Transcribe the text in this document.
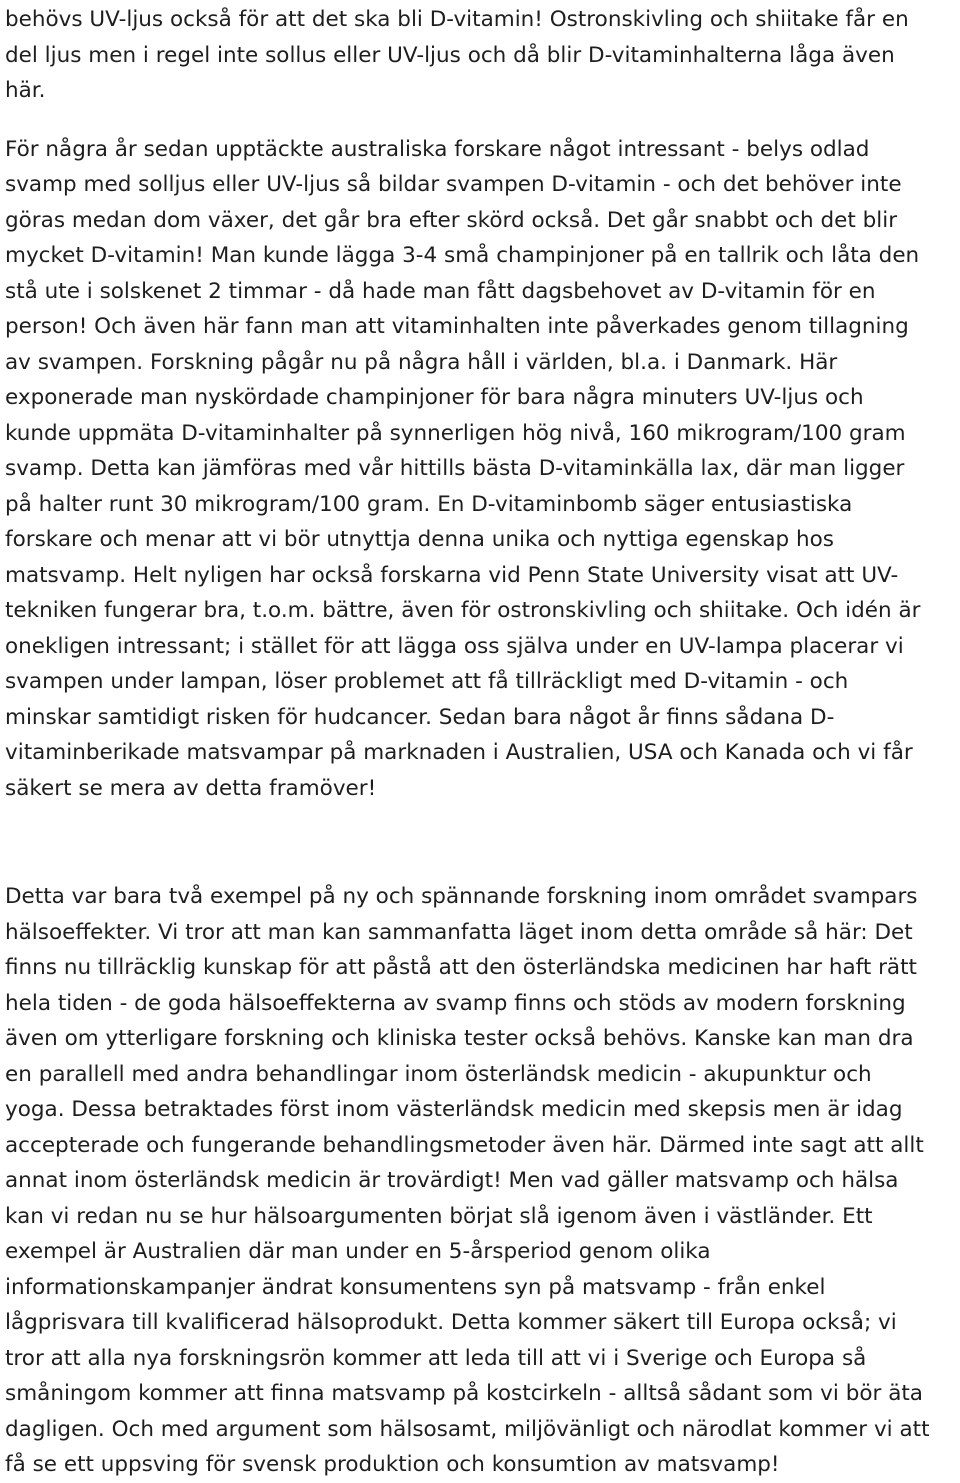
behövs UV-ljus också för att det ska bli D-vitamin! Ostronskivling och shiitake får en
del ljus men i regel inte sollus eller UV-ljus och då blir D-vitaminhalterna låga även
här.
För några år sedan upptäckte australiska forskare något intressant - belys odlad
svamp med solljus eller UV-ljus så bildar svampen D-vitamin - och det behöver inte
göras medan dom växer, det går bra efter skörd också. Det går snabbt och det blir
mycket D-vitamin! Man kunde lägga 3-4 små champinjoner på en tallrik och låta den
stå ute i solskenet 2 timmar - då hade man fått dagsbehovet av D-vitamin för en
person! Och även här fann man att vitaminhalten inte påverkades genom tillagning
av svampen. Forskning pågår nu på några håll i världen, bl.a. i Danmark. Här
exponerade man nyskördade champinjoner för bara några minuters UV-ljus och
kunde uppmäta D-vitaminhalter på synnerligen hög nivå, 160 mikrogram/100 gram
svamp. Detta kan jämföras med vår hittills bästa D-vitaminkälla lax, där man ligger
på halter runt 30 mikrogram/100 gram. En D-vitaminbomb säger entusiastiska
forskare och menar att vi bör utnyttja denna unika och nyttiga egenskap hos
matsvamp. Helt nyligen har också forskarna vid Penn State University visat att UV-
tekniken fungerar bra, t.o.m. bättre, även för ostronskivling och shiitake. Och idén är
onekligen intressant; i stället för att lägga oss själva under en UV-lampa placerar vi
svampen under lampan, löser problemet att få tillräckligt med D-vitamin - och
minskar samtidigt risken för hudcancer. Sedan bara något år finns sådana D-
vitaminberikade matsvampar på marknaden i Australien, USA och Kanada och vi får
säkert se mera av detta framöver!
Detta var bara två exempel på ny och spännande forskning inom området svampars
hälsoeffekter. Vi tror att man kan sammanfatta läget inom detta område så här: Det
finns nu tillräcklig kunskap för att påstå att den österländska medicinen har haft rätt
hela tiden - de goda hälsoeffekterna av svamp finns och stöds av modern forskning
även om ytterligare forskning och kliniska tester också behövs. Kanske kan man dra
en parallell med andra behandlingar inom österländsk medicin - akupunktur och
yoga. Dessa betraktades först inom västerländsk medicin med skepsis men är idag
accepterade och fungerande behandlingsmetoder även här. Därmed inte sagt att allt
annat inom österländsk medicin är trovärdigt! Men vad gäller matsvamp och hälsa
kan vi redan nu se hur hälsoargumenten börjat slå igenom även i västländer. Ett
exempel är Australien där man under en 5-årsperiod genom olika
informationskampanjer ändrat konsumentens syn på matsvamp - från enkel
lågprisvara till kvalificerad hälsoprodukt. Detta kommer säkert till Europa också; vi
tror att alla nya forskningsrön kommer att leda till att vi i Sverige och Europa så
småningom kommer att finna matsvamp på kostcirkeln - alltså sådant som vi bör äta
dagligen. Och med argument som hälsosamt, miljövänligt och närodlat kommer vi att
få se ett uppsving för svensk produktion och konsumtion av matsvamp!
